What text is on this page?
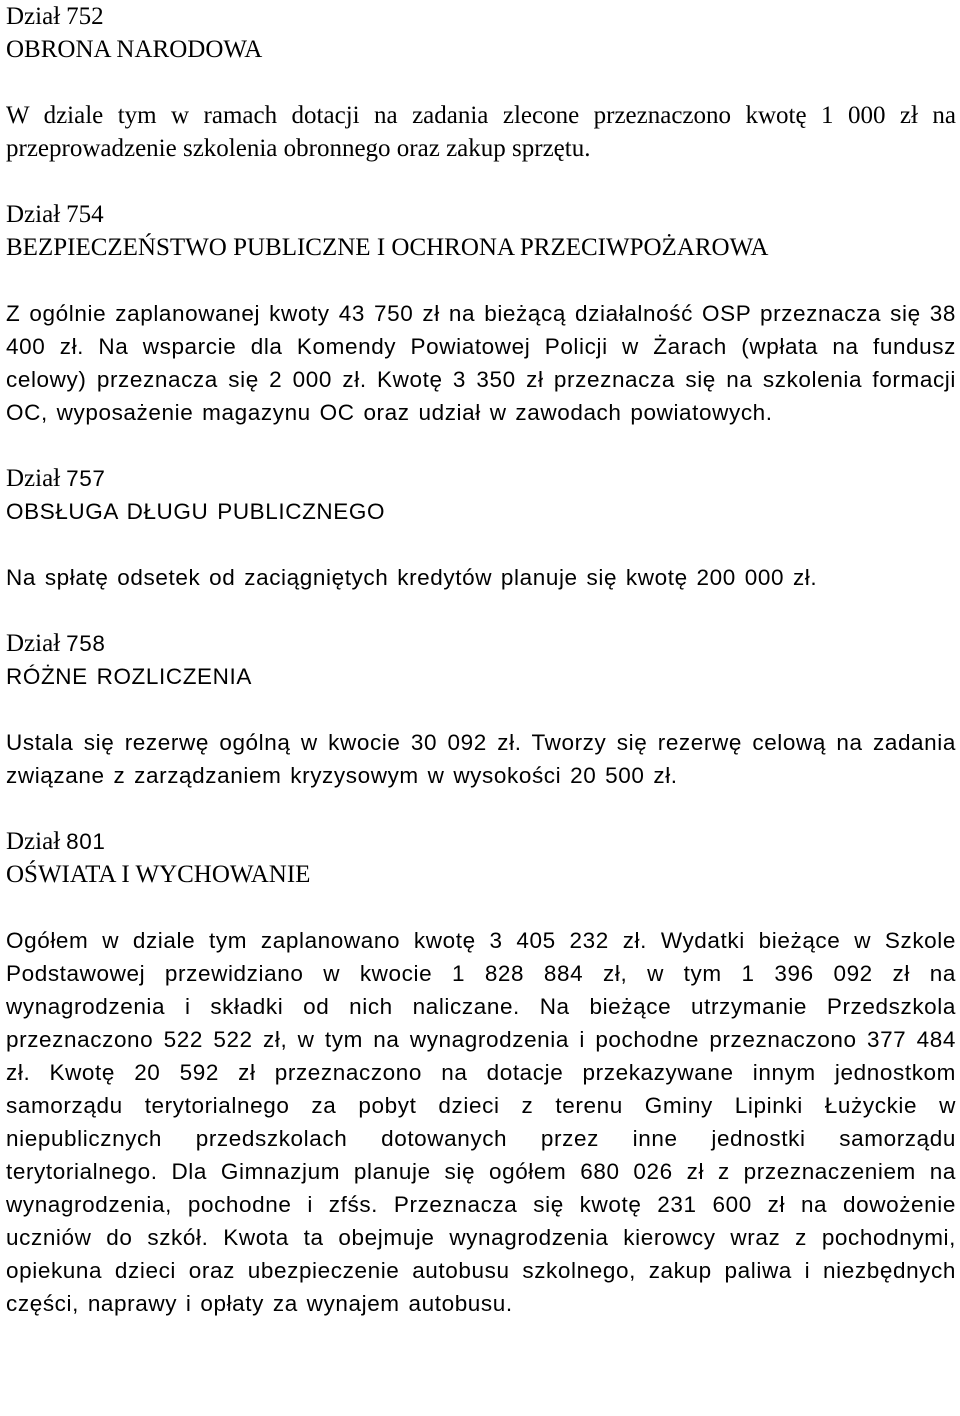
Dział 752
OBRONA NARODOWA

W dziale tym w ramach dotacji na zadania zlecone przeznaczono kwotę 1 000 zł na przeprowadzenie szkolenia obronnego oraz zakup sprzętu.

Dział 754
BEZPIECZEŃSTWO PUBLICZNE I OCHRONA PRZECIWPOŻAROWA

Z ogólnie zaplanowanej kwoty 43 750 zł na bieżącą działalność OSP przeznacza się 38 400 zł. Na wsparcie dla Komendy Powiatowej Policji w Żarach (wpłata na fundusz celowy) przeznacza się 2 000 zł. Kwotę 3 350 zł przeznacza się na szkolenia formacji OC, wyposażenie magazynu OC oraz udział w zawodach powiatowych.

Dział 757
OBSŁUGA DŁUGU PUBLICZNEGO

Na spłatę odsetek od zaciągniętych kredytów planuje się kwotę 200 000 zł.

Dział 758
RÓŻNE ROZLICZENIA

Ustala się rezerwę ogólną w kwocie 30 092 zł. Tworzy się rezerwę celową na zadania związane z zarządzaniem kryzysowym w wysokości 20 500 zł.

Dział 801
OŚWIATA I WYCHOWANIE

Ogółem w dziale tym zaplanowano kwotę 3 405 232 zł. Wydatki bieżące w Szkole Podstawowej przewidziano w kwocie 1 828 884 zł, w tym 1 396 092 zł na wynagrodzenia i składki od nich naliczane. Na bieżące utrzymanie Przedszkola przeznaczono 522 522 zł, w tym na wynagrodzenia i pochodne przeznaczono 377 484 zł. Kwotę 20 592 zł przeznaczono na dotacje przekazywane innym jednostkom samorządu terytorialnego za pobyt dzieci z terenu Gminy Lipinki Łużyckie w niepublicznych przedszkolach dotowanych przez inne jednostki samorządu terytorialnego. Dla Gimnazjum planuje się ogółem 680 026 zł z przeznaczeniem na wynagrodzenia, pochodne i zfśs. Przeznacza się kwotę 231 600 zł na dowożenie uczniów do szkół. Kwota ta obejmuje wynagrodzenia kierowcy wraz z pochodnymi, opiekuna dzieci oraz ubezpieczenie autobusu szkolnego, zakup paliwa i niezbędnych części, naprawy i opłaty za wynajem autobusu.
